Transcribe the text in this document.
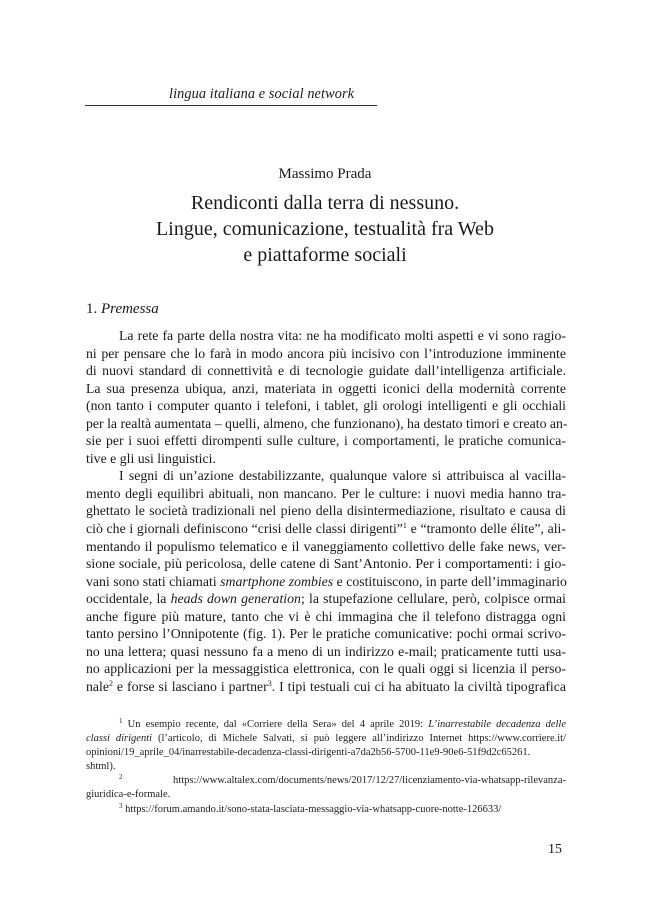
lingua italiana e social network
Massimo Prada
Rendiconti dalla terra di nessuno.
Lingue, comunicazione, testualità fra Web
e piattaforme sociali
1. Premessa
La rete fa parte della nostra vita: ne ha modificato molti aspetti e vi sono ragio-
ni per pensare che lo farà in modo ancora più incisivo con l’introduzione imminente
di nuovi standard di connettività e di tecnologie guidate dall’intelligenza artificiale.
La sua presenza ubiqua, anzi, materiata in oggetti iconici della modernità corrente
(non tanto i computer quanto i telefoni, i tablet, gli orologi intelligenti e gli occhiali
per la realtà aumentata – quelli, almeno, che funzionano), ha destato timori e creato an-
sie per i suoi effetti dirompenti sulle culture, i comportamenti, le pratiche comunica-
tive e gli usi linguistici.
I segni di un’azione destabilizzante, qualunque valore si attribuisca al vacilla-
mento degli equilibri abituali, non mancano. Per le culture: i nuovi media hanno tra-
ghettato le società tradizionali nel pieno della disintermediazione, risultato e causa di
ciò che i giornali definiscono “crisi delle classi dirigenti”$^1$ e “tramonto delle élite”, ali-
mentando il populismo telematico e il vaneggiamento collettivo delle fake news, ver-
sione sociale, più pericolosa, delle catene di Sant’Antonio. Per i comportamenti: i gio-
vani sono stati chiamati smartphone zombies e costituiscono, in parte dell’immaginario
occidentale, la heads down generation; la stupefazione cellulare, però, colpisce ormai
anche figure più mature, tanto che vi è chi immagina che il telefono distragga ogni
tanto persino l’Onnipotente (fig. 1). Per le pratiche comunicative: pochi ormai scrivo-
no una lettera; quasi nessuno fa a meno di un indirizzo e-mail; praticamente tutti usa-
no applicazioni per la messaggistica elettronica, con le quali oggi si licenzia il perso-
nale$^2$ e forse si lasciano i partner$^3$. I tipi testuali cui ci ha abituato la civiltà tipografica
$^1$ Un esempio recente, dal «Corriere della Sera» del 4 aprile 2019: L’inarrestabile decadenza delle
classi dirigenti (l’articolo, di Michele Salvati, si può leggere all’indirizzo Internet https://www.corriere.it/
opinioni/19_aprile_04/inarrestabile-decadenza-classi-dirigenti-a7da2b56-5700-11e9-90e6-51f9d2c65261.
shtml).
$^2$ https://www.altalex.com/documents/news/2017/12/27/licenziamento-via-whatsapp-rilevanza-
giuridica-e-formale.
$^3$ https://forum.amando.it/sono-stata-lasciata-messaggio-via-whatsapp-cuore-notte-126633/
15
